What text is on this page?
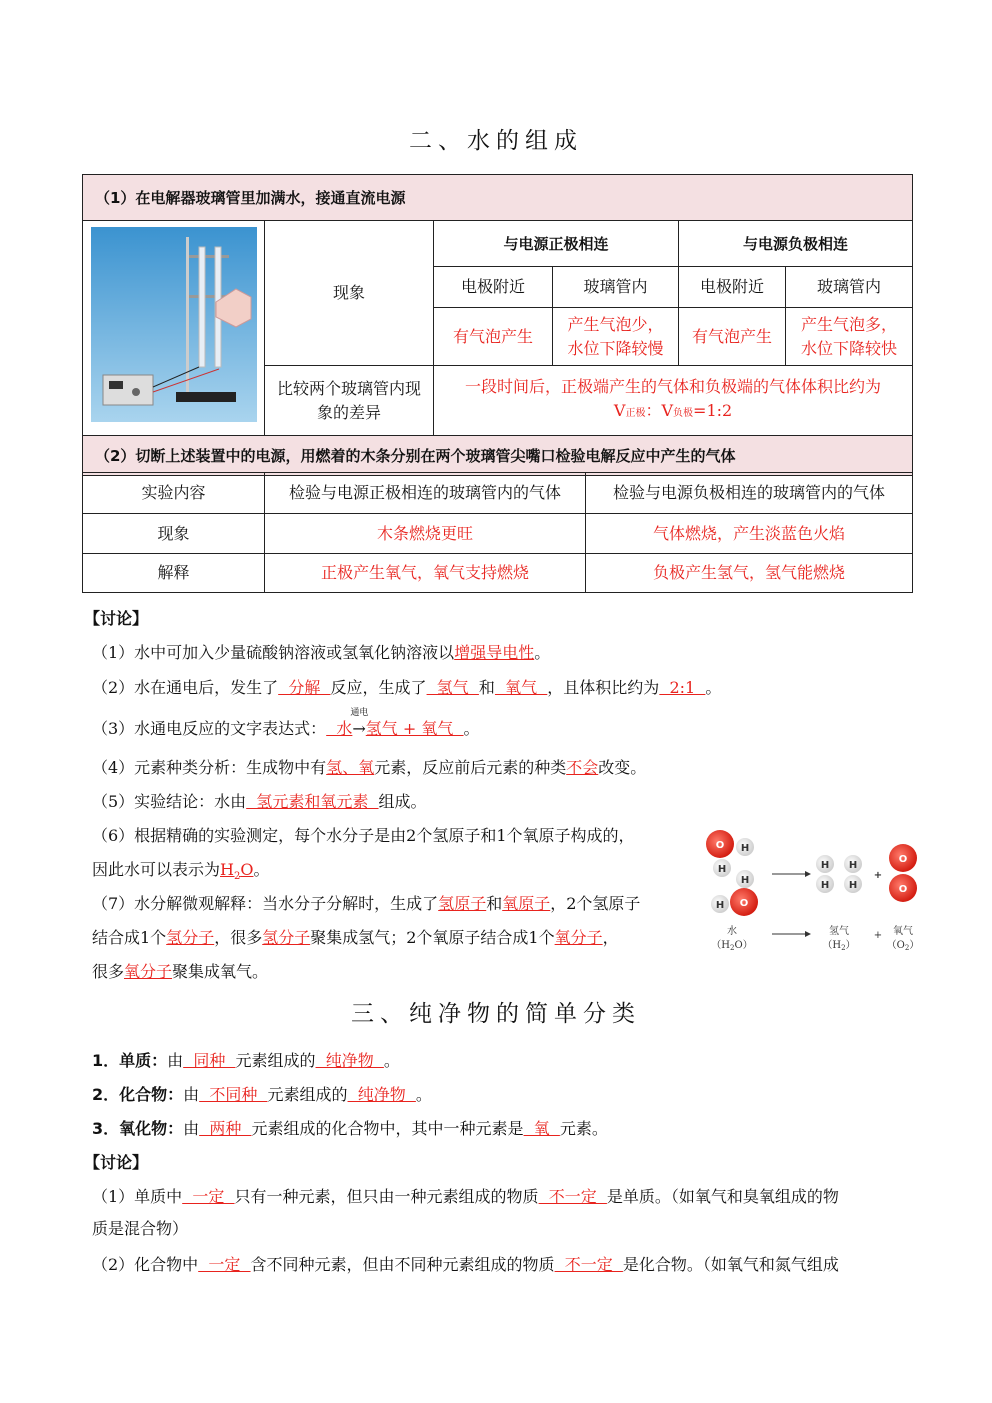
二、水的组成
（1）在电解器玻璃管里加满水，接通直流电源					
	现象	与电源正极相连		与电源负极相连	
		电极附近	玻璃管内	电极附近	玻璃管内
		有气泡产生	产生气泡少，水位下降较慢	有气泡产生	产生气泡多，水位下降较快
	比较两个玻璃管内现象的差异	一段时间后，正极端产生的气体和负极端的气体体积比约为
V正极：V负极=1:2			
（2）切断上述装置中的电源，用燃着的木条分别在两个玻璃管尖嘴口检验电解反应中产生的气体					
实验内容	检验与电源正极相连的玻璃管内的气体	检验与电源负极相连的玻璃管内的气体
现象	木条燃烧更旺	气体燃烧，产生淡蓝色火焰
解释	正极产生氧气，氧气支持燃烧	负极产生氢气，氢气能燃烧
【讨论】
（1）水中可加入少量硫酸钠溶液或氢氧化钠溶液以增强导电性。
（2）水在通电后，发生了  分解  反应，生成了  氢气  和  氧气  ，且体积比约为  2:1  。
（3）水通电反应的文字表达式：  水
通电
→氢气 + 氧气  。
（4）元素种类分析：生成物中有氢、氧元素，反应前后元素的种类不会改变。
（5）实验结论：水由  氢元素和氧元素  组成。
（6）根据精确的实验测定，每个水分子是由2个氢原子和1个氧原子构成的，
因此水可以表示为$H_2O$。
（7）水分解微观解释：当水分子分解时，生成了氢原子和氧原子，2个氢原子
结合成1个氢分子，很多氢分子聚集成氢气；2个氧原子结合成1个氧分子，
很多氧分子聚集成氧气。
O H
H
H O
H
H
H
H
H
+
O
O
水
$(H_2O)$
氢气
$(H_2)$
+ 氧气
$(O_2)$
三、纯净物的简单分类
1．单质：由  同种  元素组成的  纯净物  。
2．化合物：由  不同种  元素组成的  纯净物  。
3．氧化物：由  两种  元素组成的化合物中，其中一种元素是  氧  元素。
【讨论】
（1）单质中  一定  只有一种元素，但只由一种元素组成的物质  不一定  是单质。（如氧气和臭氧组成的物
质是混合物）
（2）化合物中  一定  含不同种元素，但由不同种元素组成的物质  不一定  是化合物。（如氧气和氮气组成
